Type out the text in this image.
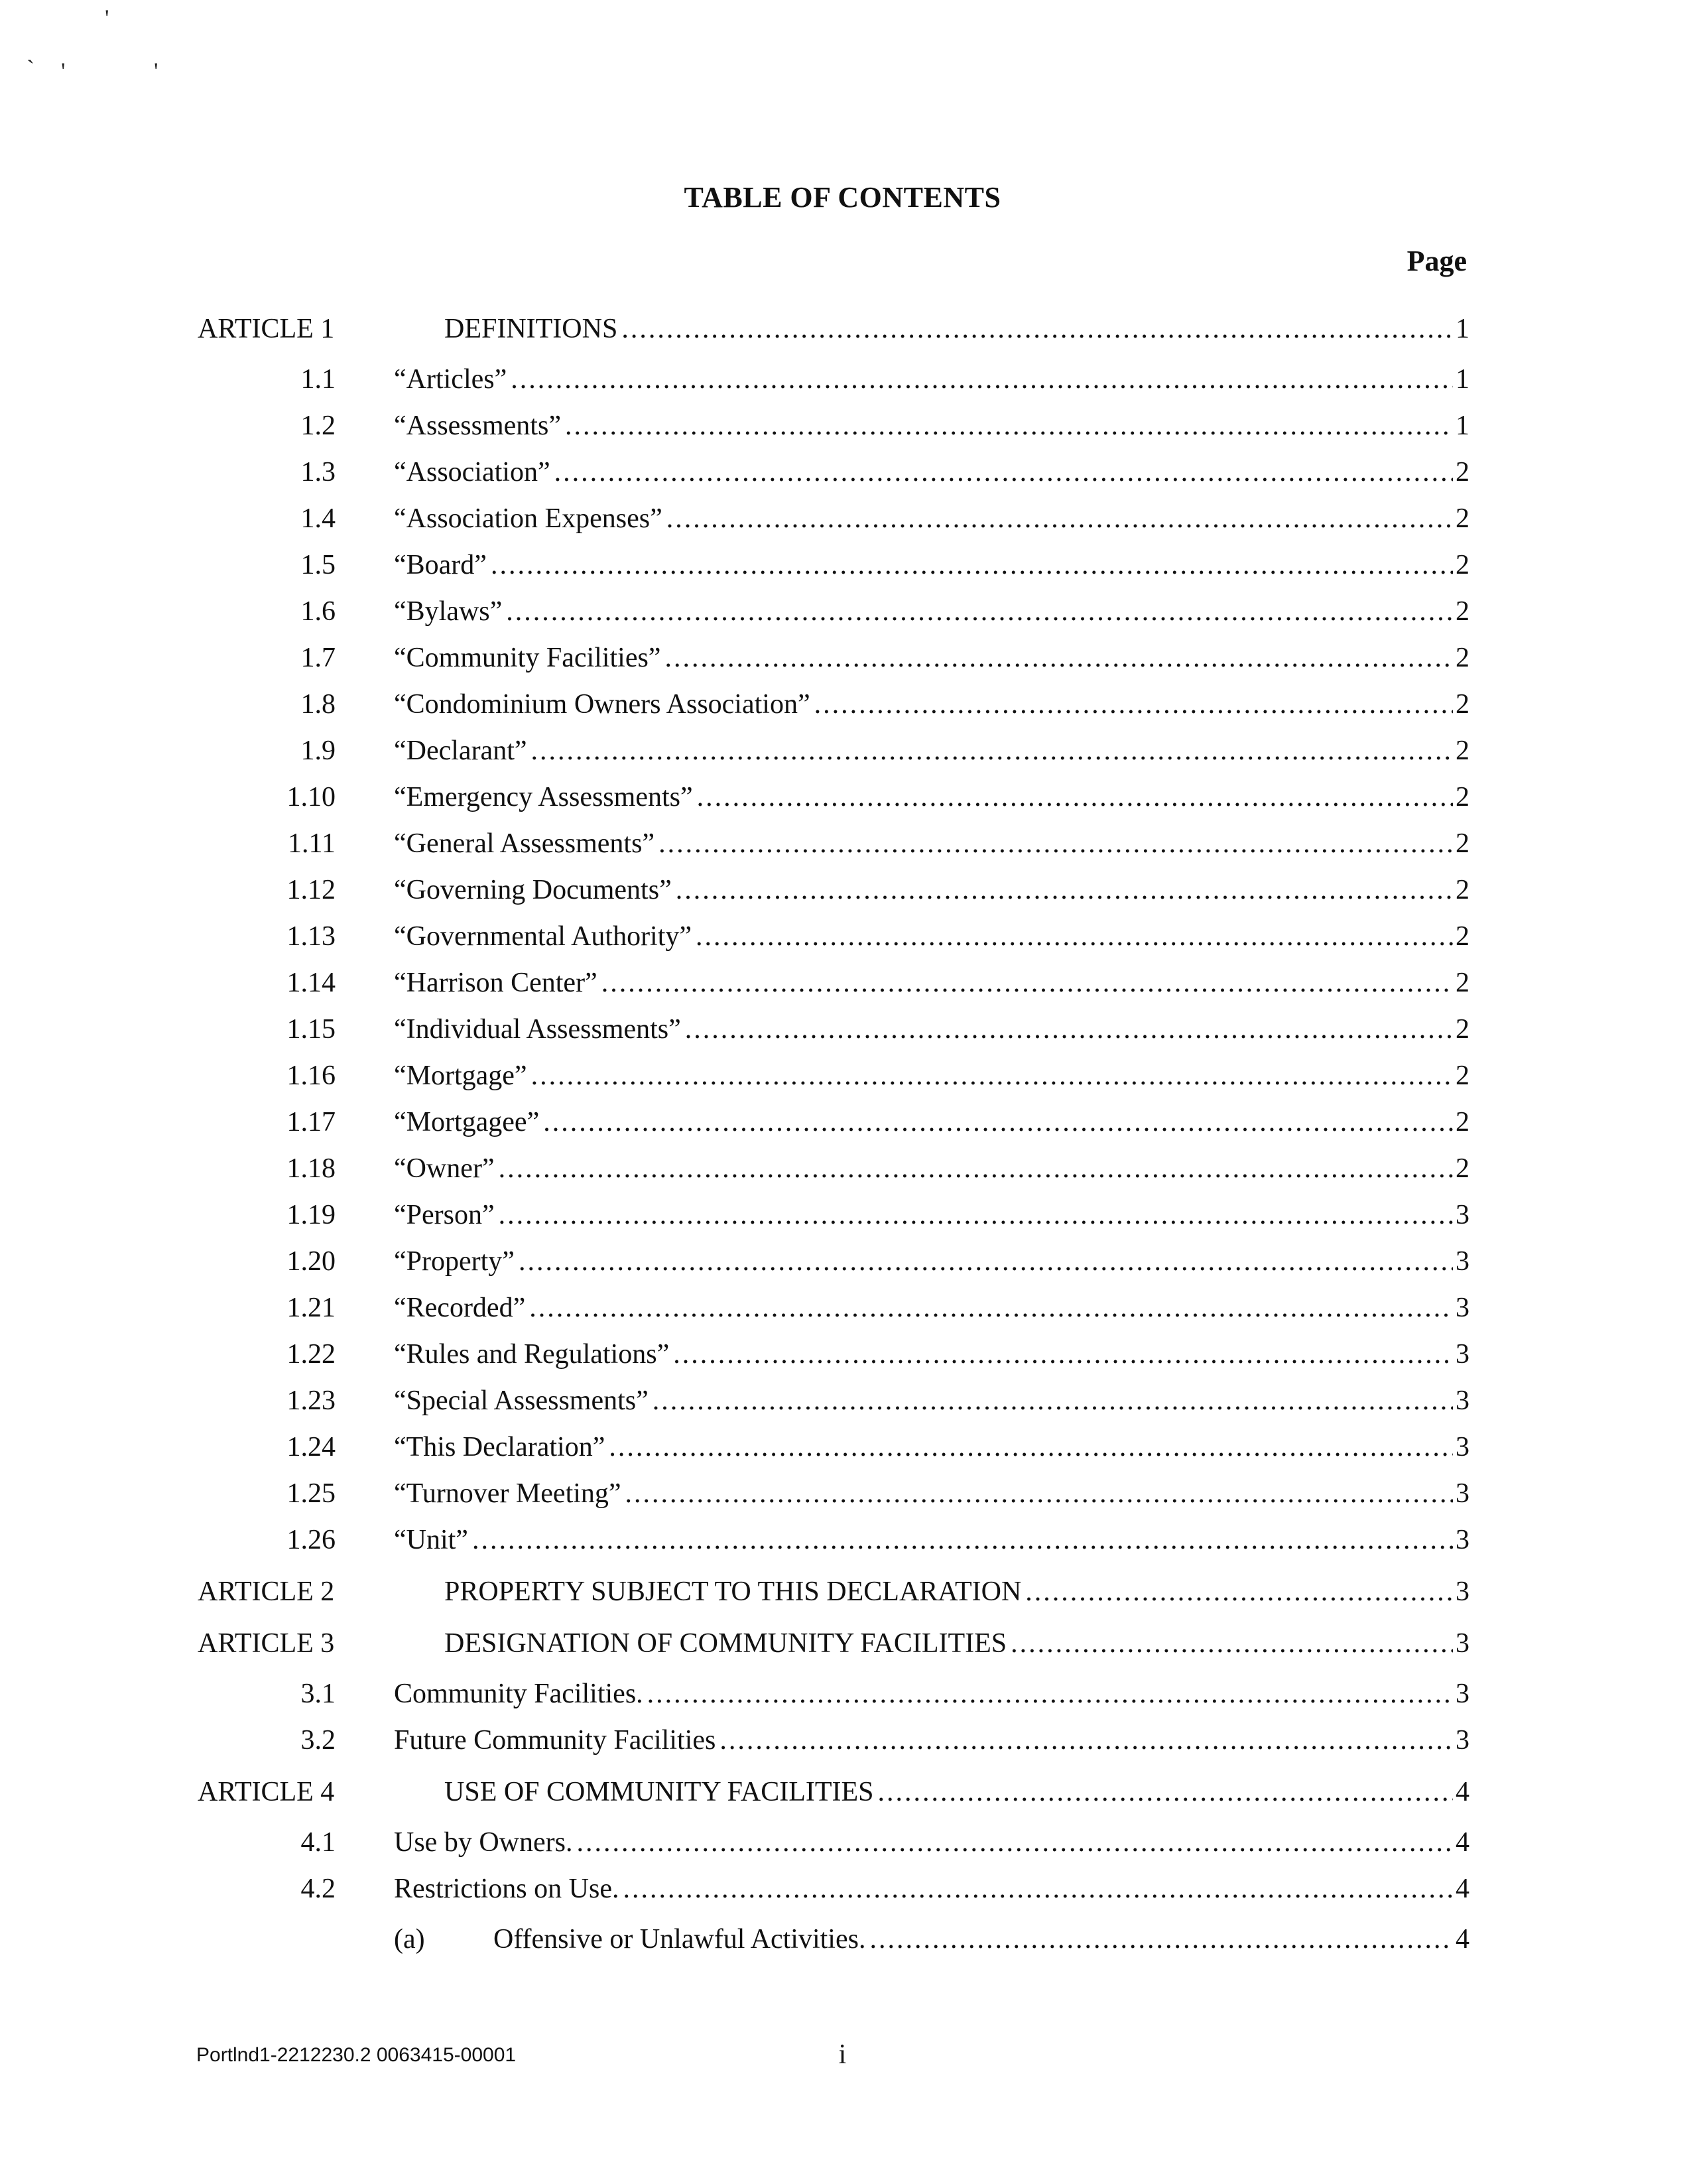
'
` '	'
TABLE OF CONTENTS
Page
ARTICLE 1	DEFINITIONS .....	1
1.1 “Articles” .....	1
1.2 “Assessments” .....	1
1.3 “Association” .....	2
1.4 “Association Expenses” .....	2
1.5 “Board” .....	2
1.6 “Bylaws” .....	2
1.7 “Community Facilities” .....	2
1.8 “Condominium Owners Association” .....	2
1.9 “Declarant” .....	2
1.10 “Emergency Assessments” .....	2
1.11 “General Assessments” .....	2
1.12 “Governing Documents” .....	2
1.13 “Governmental Authority” .....	2
1.14 “Harrison Center” .....	2
1.15 “Individual Assessments” .....	2
1.16 “Mortgage” .....	2
1.17 “Mortgagee” .....	2
1.18 “Owner” .....	2
1.19 “Person” .....	3
1.20 “Property” .....	3
1.21 “Recorded” .....	3
1.22 “Rules and Regulations” .....	3
1.23 “Special Assessments” .....	3
1.24 “This Declaration” .....	3
1.25 “Turnover Meeting” .....	3
1.26 “Unit” .....	3
ARTICLE 2	PROPERTY SUBJECT TO THIS DECLARATION .....	3
ARTICLE 3	DESIGNATION OF COMMUNITY FACILITIES .....	3
3.1 Community Facilities. .....	3
3.2 Future Community Facilities .....	3
ARTICLE 4	USE OF COMMUNITY FACILITIES .....	4
4.1 Use by Owners. .....	4
4.2 Restrictions on Use. .....	4
(a) Offensive or Unlawful Activities. .....	4
Portlnd1-2212230.2 0063415-00001	i
